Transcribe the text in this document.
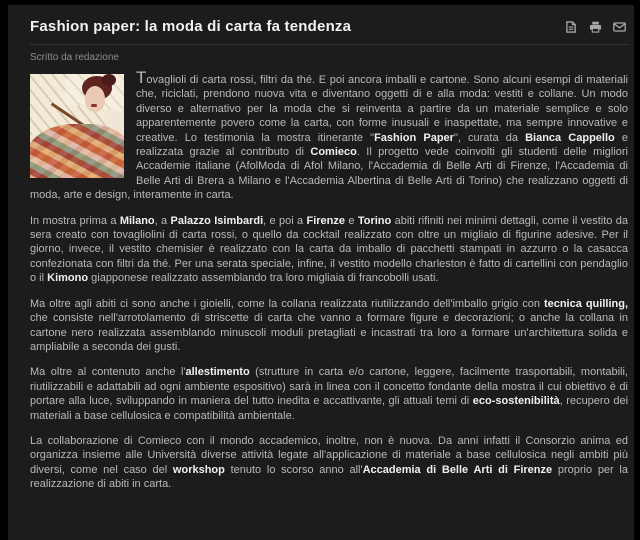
Fashion paper: la moda di carta fa tendenza
Scritto da redazione

Tovaglioli di carta rossi, filtri da thé. E poi ancora imballi e cartone. Sono alcuni esempi di materiali che, riciclati, prendono nuova vita e diventano oggetti di e alla moda: vestiti e collane. Un modo diverso e alternativo per la moda che si reinventa a partire da un materiale semplice e solo apparentemente povero come la carta, con forme inusuali e inaspettate, ma sempre innovative e creative. Lo testimonia la mostra itinerante "Fashion Paper", curata da Bianca Cappello e realizzata grazie al contributo di Comieco. Il progetto vede coinvolti gli studenti delle migliori Accademie italiane (AfolModa di Afol Milano, l'Accademia di Belle Arti di Firenze, l'Accademia di Belle Arti di Brera a Milano e l'Accademia Albertina di Belle Arti di Torino) che realizzano oggetti di moda, arte e design, interamente in carta.

In mostra prima a Milano, a Palazzo Isimbardi, e poi a Firenze e Torino abiti rifiniti nei minimi dettagli, come il vestito da sera creato con tovagliolini di carta rossi, o quello da cocktail realizzato con oltre un migliaio di figurine adesive. Per il giorno, invece, il vestito chemisier è realizzato con la carta da imballo di pacchetti stampati in azzurro o la casacca confezionata con filtri da thé. Per una serata speciale, infine, il vestito modello charleston è fatto di cartellini con pendaglio o il Kimono giapponese realizzato assemblando tra loro migliaia di francobolli usati.

Ma oltre agli abiti ci sono anche i gioielli, come la collana realizzata riutilizzando dell'imballo grigio con tecnica quilling, che consiste nell'arrotolamento di striscette di carta che vanno a formare figure e decorazioni; o anche la collana in cartone nero realizzata assemblando minuscoli moduli pretagliati e incastrati tra loro a formare un'architettura solida e ampliabile a seconda dei gusti.

Ma oltre al contenuto anche l'allestimento (strutture in carta e/o cartone, leggere, facilmente trasportabili, montabili, riutilizzabili e adattabili ad ogni ambiente espositivo) sarà in linea con il concetto fondante della mostra il cui obiettivo è di portare alla luce, sviluppando in maniera del tutto inedita e accattivante, gli attuali temi di eco-sostenibilità, recupero dei materiali a base cellulosica e compatibilità ambientale.

La collaborazione di Comieco con il mondo accademico, inoltre, non è nuova. Da anni infatti il Consorzio anima ed organizza insieme alle Università diverse attività legate all'applicazione di materiale a base cellulosica negli ambiti più diversi, come nel caso del workshop tenuto lo scorso anno all'Accademia di Belle Arti di Firenze proprio per la realizzazione di abiti in carta.
